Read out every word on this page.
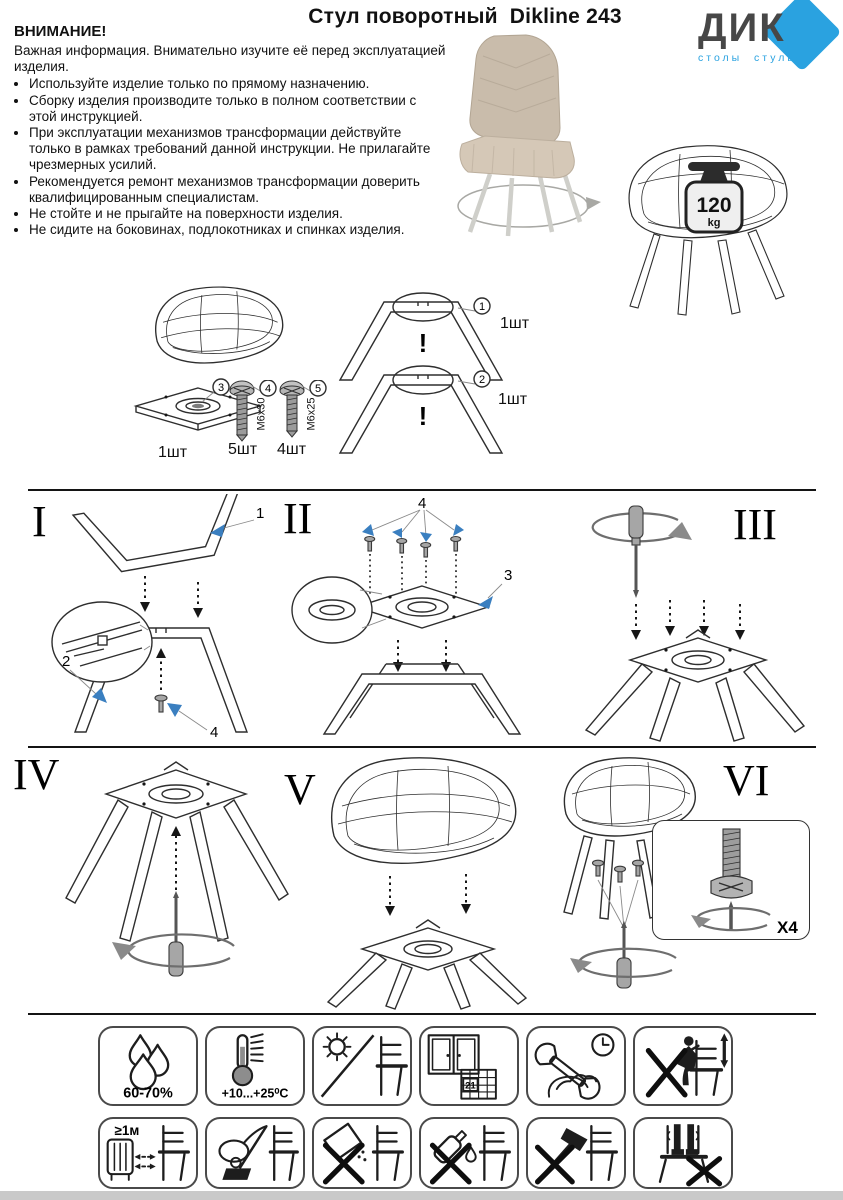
Стул поворотный  Dikline 243	ДИК
столы  стулья
ВНИМАНИЕ!
Важная информация. Внимательно изучите её перед эксплуатацией изделия.
• Используйте изделие только по прямому назначению.
• Сборку изделия производите только в полном соответствии с этой инструкцией.
• При эксплуатации механизмов трансформации действуйте только в рамках требований данной инструкции. Не прилагайте чрезмерных усилий.
• Рекомендуется ремонт механизмов трансформации доверить квалифицированным специалистам.
• Не стойте и не прыгайте на поверхности изделия.
• Не сидите на боковинах, подлокотниках и спинках изделия.
120
kg
3
1шт
4
M6x30
5шт
5
M6x25
4шт
!
1
1шт
!
2
1шт
I	II	III
IV	V	VI
1
2
4
4
3
X4
60-70%	+10...+25⁰С
21
≥1м
